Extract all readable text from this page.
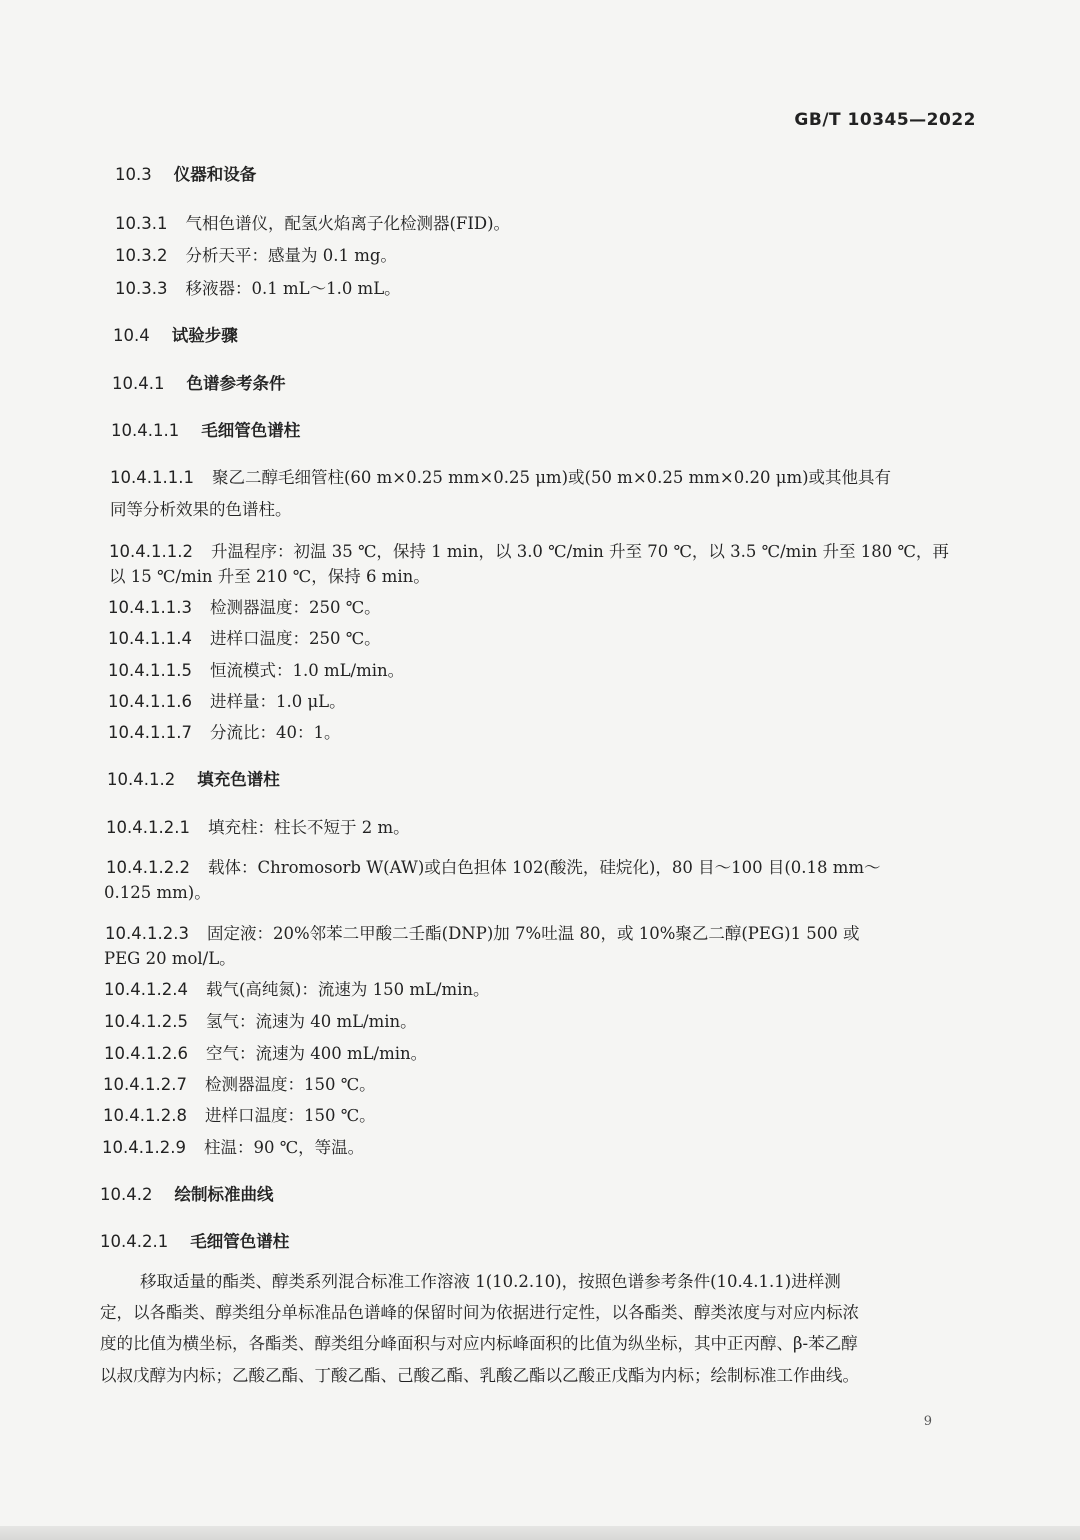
GB/T 10345—2022
10.3 仪器和设备
10.3.1 气相色谱仪，配氢火焰离子化检测器(FID)。
10.3.2 分析天平：感量为 0.1 mg。
10.3.3 移液器：0.1 mL～1.0 mL。
10.4 试验步骤
10.4.1 色谱参考条件
10.4.1.1 毛细管色谱柱
10.4.1.1.1 聚乙二醇毛细管柱(60 m×0.25 mm×0.25 μm)或(50 m×0.25 mm×0.20 μm)或其他具有
同等分析效果的色谱柱。
10.4.1.1.2 升温程序：初温 35 ℃，保持 1 min，以 3.0 ℃/min 升至 70 ℃，以 3.5 ℃/min 升至 180 ℃，再
以 15 ℃/min 升至 210 ℃，保持 6 min。
10.4.1.1.3 检测器温度：250 ℃。
10.4.1.1.4 进样口温度：250 ℃。
10.4.1.1.5 恒流模式：1.0 mL/min。
10.4.1.1.6 进样量：1.0 μL。
10.4.1.1.7 分流比：40：1。
10.4.1.2 填充色谱柱
10.4.1.2.1 填充柱：柱长不短于 2 m。
10.4.1.2.2 载体：Chromosorb W(AW)或白色担体 102(酸洗，硅烷化)，80 目～100 目(0.18 mm～
0.125 mm)。
10.4.1.2.3 固定液：20%邻苯二甲酸二壬酯(DNP)加 7%吐温 80，或 10%聚乙二醇(PEG)1 500 或
PEG 20 mol/L。
10.4.1.2.4 载气(高纯氮)：流速为 150 mL/min。
10.4.1.2.5 氢气：流速为 40 mL/min。
10.4.1.2.6 空气：流速为 400 mL/min。
10.4.1.2.7 检测器温度：150 ℃。
10.4.1.2.8 进样口温度：150 ℃。
10.4.1.2.9 柱温：90 ℃，等温。
10.4.2 绘制标准曲线
10.4.2.1 毛细管色谱柱
移取适量的酯类、醇类系列混合标准工作溶液 1(10.2.10)，按照色谱参考条件(10.4.1.1)进样测
定，以各酯类、醇类组分单标准品色谱峰的保留时间为依据进行定性，以各酯类、醇类浓度与对应内标浓
度的比值为横坐标，各酯类、醇类组分峰面积与对应内标峰面积的比值为纵坐标，其中正丙醇、β-苯乙醇
以叔戊醇为内标；乙酸乙酯、丁酸乙酯、己酸乙酯、乳酸乙酯以乙酸正戊酯为内标；绘制标准工作曲线。
9
